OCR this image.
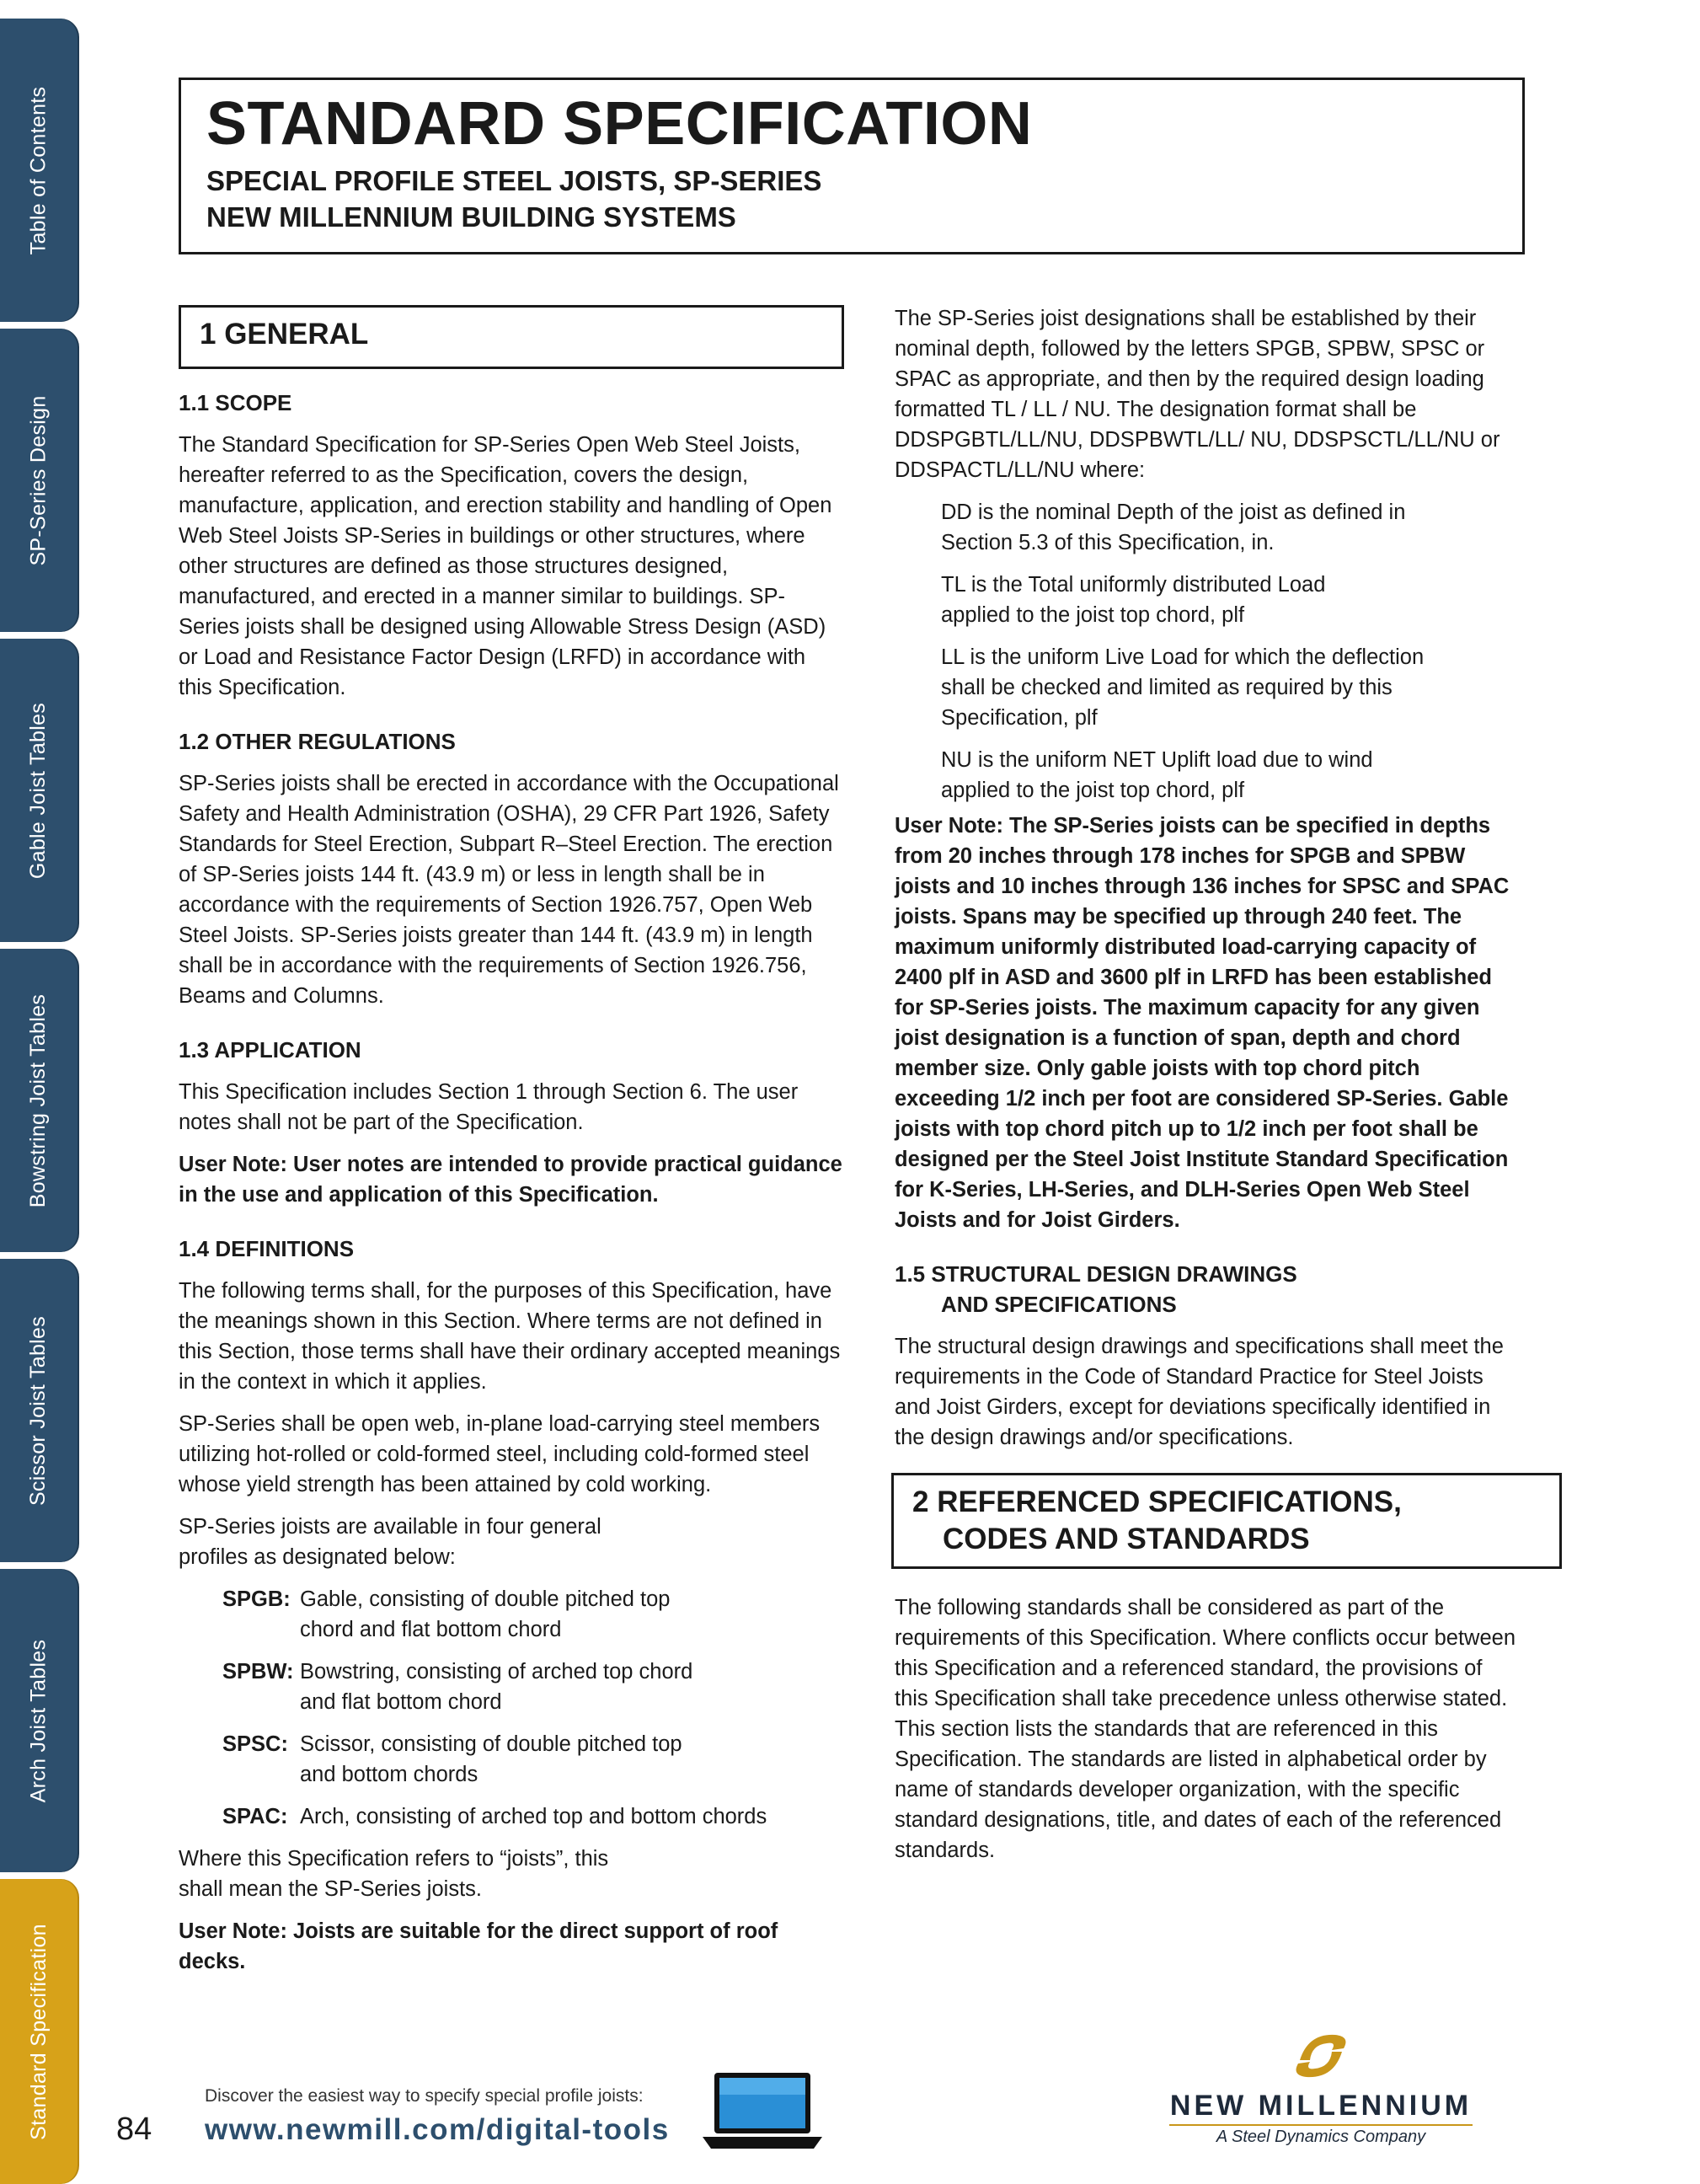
Table of Contents
SP-Series Design
Gable Joist Tables
Bowstring Joist Tables
Scissor Joist Tables
Arch Joist Tables
Standard Specification
STANDARD SPECIFICATION
SPECIAL PROFILE STEEL JOISTS, SP-SERIES
NEW MILLENNIUM BUILDING SYSTEMS
1 GENERAL
1.1 SCOPE

The Standard Specification for SP-Series Open Web Steel Joists, hereafter referred to as the Specification, covers the design, manufacture, application, and erection stability and handling of Open Web Steel Joists SP-Series in buildings or other structures, where other structures are defined as those structures designed, manufactured, and erected in a manner similar to buildings. SP-Series joists shall be designed using Allowable Stress Design (ASD) or Load and Resistance Factor Design (LRFD) in accordance with this Specification.

1.2 OTHER REGULATIONS

SP-Series joists shall be erected in accordance with the Occupational Safety and Health Administration (OSHA), 29 CFR Part 1926, Safety Standards for Steel Erection, Subpart R–Steel Erection. The erection of SP-Series joists 144 ft. (43.9 m) or less in length shall be in accordance with the requirements of Section 1926.757, Open Web Steel Joists. SP-Series joists greater than 144 ft. (43.9 m) in length shall be in accordance with the requirements of Section 1926.756, Beams and Columns.

1.3 APPLICATION

This Specification includes Section 1 through Section 6. The user notes shall not be part of the Specification.

User Note: User notes are intended to provide practical guidance in the use and application of this Specification.

1.4 DEFINITIONS

The following terms shall, for the purposes of this Specification, have the meanings shown in this Section. Where terms are not defined in this Section, those terms shall have their ordinary accepted meanings in the context in which it applies.

SP-Series shall be open web, in-plane load-carrying steel members utilizing hot-rolled or cold-formed steel, including cold-formed steel whose yield strength has been attained by cold working.

SP-Series joists are available in four general profiles as designated below:

SPGB: Gable, consisting of double pitched top chord and flat bottom chord
SPBW: Bowstring, consisting of arched top chord and flat bottom chord
SPSC: Scissor, consisting of double pitched top and bottom chords
SPAC: Arch, consisting of arched top and bottom chords

Where this Specification refers to “joists”, this shall mean the SP-Series joists.

User Note: Joists are suitable for the direct support of roof decks.

The SP-Series joist designations shall be established by their nominal depth, followed by the letters SPGB, SPBW, SPSC or SPAC as appropriate, and then by the required design loading formatted TL / LL / NU. The designation format shall be DDSPGBTL/LL/NU, DDSPBWTL/LL/ NU, DDSPSCTL/LL/NU or DDSPACTL/LL/NU where:

DD is the nominal Depth of the joist as defined in Section 5.3 of this Specification, in.

TL is the Total uniformly distributed Load applied to the joist top chord, plf

LL is the uniform Live Load for which the deflection shall be checked and limited as required by this Specification, plf

NU is the uniform NET Uplift load due to wind applied to the joist top chord, plf

User Note: The SP-Series joists can be specified in depths from 20 inches through 178 inches for SPGB and SPBW joists and 10 inches through 136 inches for SPSC and SPAC joists. Spans may be specified up through 240 feet. The maximum uniformly distributed load-carrying capacity of 2400 plf in ASD and 3600 plf in LRFD has been established for SP-Series joists. The maximum capacity for any given joist designation is a function of span, depth and chord member size. Only gable joists with top chord pitch exceeding 1/2 inch per foot are considered SP-Series. Gable joists with top chord pitch up to 1/2 inch per foot shall be designed per the Steel Joist Institute Standard Specification for K-Series, LH-Series, and DLH-Series Open Web Steel Joists and for Joist Girders.

1.5 STRUCTURAL DESIGN DRAWINGS
AND SPECIFICATIONS

The structural design drawings and specifications shall meet the requirements in the Code of Standard Practice for Steel Joists and Joist Girders, except for deviations specifically identified in the design drawings and/or specifications.

2 REFERENCED SPECIFICATIONS,
CODES AND STANDARDS

The following standards shall be considered as part of the requirements of this Specification. Where conflicts occur between this Specification and a referenced standard, the provisions of this Specification shall take precedence unless otherwise stated. This section lists the standards that are referenced in this Specification. The standards are listed in alphabetical order by name of standards developer organization, with the specific standard designations, title, and dates of each of the referenced standards.

84
Discover the easiest way to specify special profile joists:
www.newmill.com/digital-tools
NEW MILLENNIUM
A Steel Dynamics Company
